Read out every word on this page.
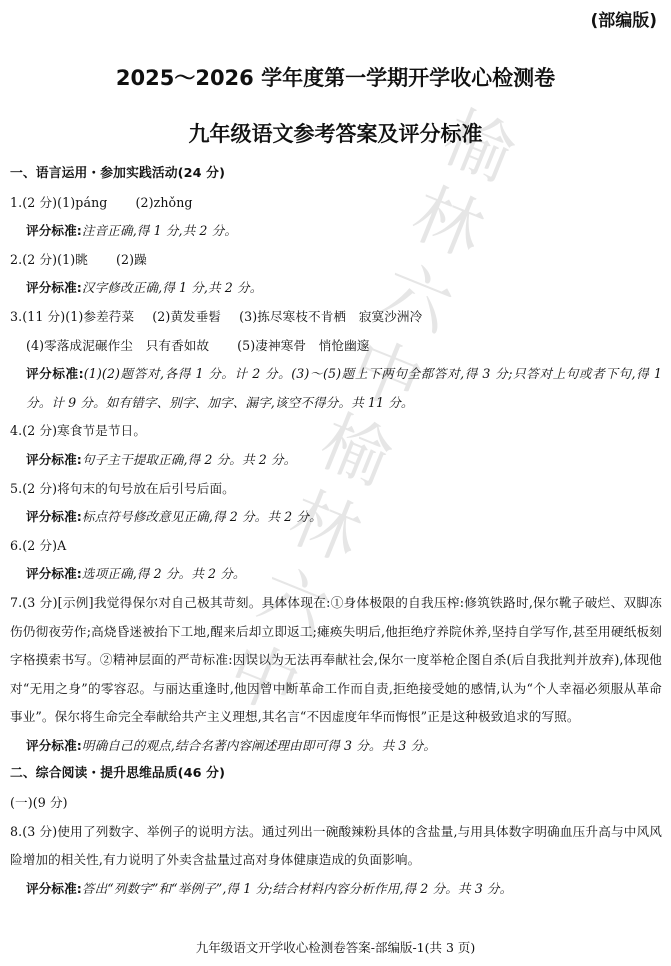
榆林六中榆林六中
(部编版)
2025～2026 学年度第一学期开学收心检测卷
九年级语文参考答案及评分标准
一、语言运用・参加实践活动(24 分)
1.(2 分)(1)páng (2)zhǒng
评分标准:注音正确,得 1 分,共 2 分。
2.(2 分)(1)眺 (2)躁
评分标准:汉字修改正确,得 1 分,共 2 分。
3.(11 分)(1)参差荇菜 (2)黄发垂髫 (3)拣尽寒枝不肯栖　寂寞沙洲冷
(4)零落成泥碾作尘　只有香如故 (5)凄神寒骨　悄怆幽邃
评分标准:(1)(2)题答对,各得 1 分。计 2 分。(3)～(5)题上下两句全都答对,得 3 分;只答对上句或者下句,得 1 分。计 9 分。如有错字、别字、加字、漏字,该空不得分。共 11 分。
4.(2 分)寒食节是节日。
评分标准:句子主干提取正确,得 2 分。共 2 分。
5.(2 分)将句末的句号放在后引号后面。
评分标准:标点符号修改意见正确,得 2 分。共 2 分。
6.(2 分)A
评分标准:选项正确,得 2 分。共 2 分。
7.(3 分)[示例]我觉得保尔对自己极其苛刻。具体体现在:①身体极限的自我压榨:修筑铁路时,保尔靴子破烂、双脚冻伤仍彻夜劳作;高烧昏迷被抬下工地,醒来后却立即返工;瘫痪失明后,他拒绝疗养院休养,坚持自学写作,甚至用硬纸板刻字格摸索书写。②精神层面的严苛标准:因误以为无法再奉献社会,保尔一度举枪企图自杀(后自我批判并放弃),体现他对“无用之身”的零容忍。与丽达重逢时,他因曾中断革命工作而自责,拒绝接受她的感情,认为“个人幸福必须服从革命事业”。保尔将生命完全奉献给共产主义理想,其名言“不因虚度年华而悔恨”正是这种极致追求的写照。
评分标准:明确自己的观点,结合名著内容阐述理由即可得 3 分。共 3 分。
二、综合阅读・提升思维品质(46 分)
(一)(9 分)
8.(3 分)使用了列数字、举例子的说明方法。通过列出一碗酸辣粉具体的含盐量,与用具体数字明确血压升高与中风风险增加的相关性,有力说明了外卖含盐量过高对身体健康造成的负面影响。
评分标准:答出“列数字”和“举例子”,得 1 分;结合材料内容分析作用,得 2 分。共 3 分。
九年级语文开学收心检测卷答案-部编版-1(共 3 页)
